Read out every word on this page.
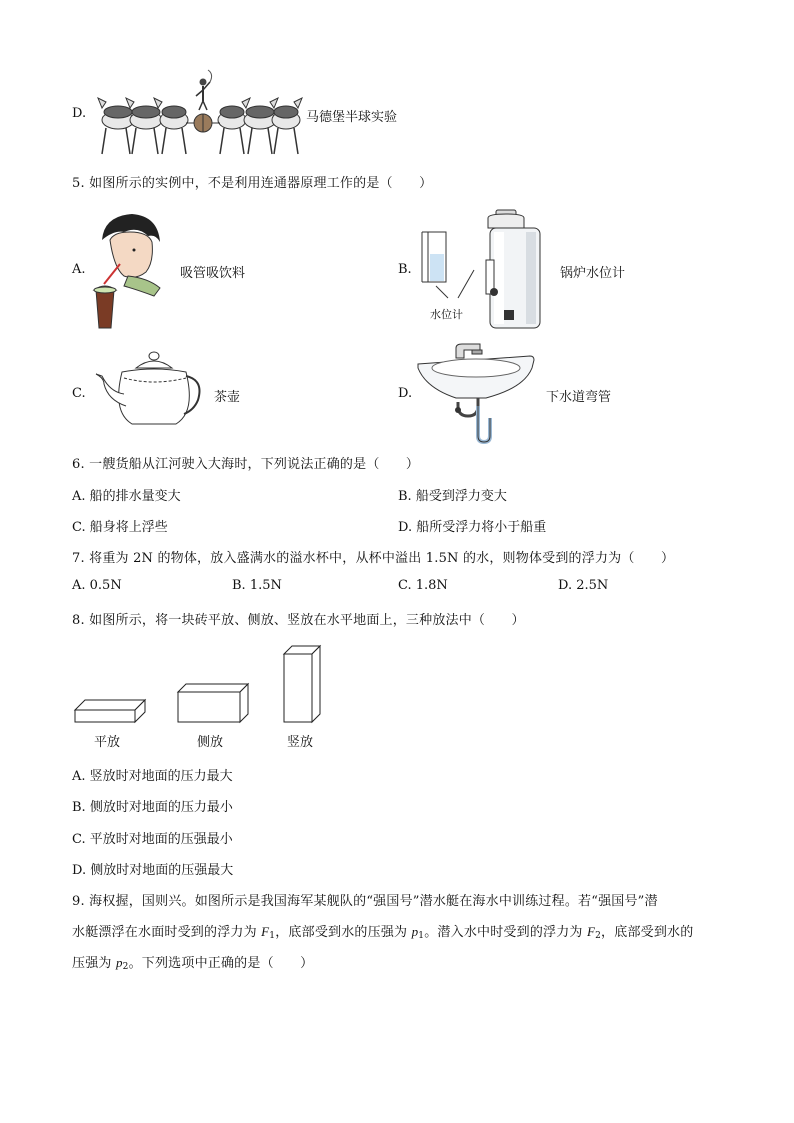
D.	马德堡半球实验
5. 如图所示的实例中，不是利用连通器原理工作的是（　　）
A.	吸管吸饮料	B.
水位计
锅炉水位计
C.	茶壶	D.	下水道弯管
6. 一艘货船从江河驶入大海时，下列说法正确的是（　　）
A. 船的排水量变大	B. 船受到浮力变大
C. 船身将上浮些	D. 船所受浮力将小于船重
7. 将重为 2N 的物体，放入盛满水的溢水杯中，从杯中溢出 1.5N 的水，则物体受到的浮力为（　　）
A. 0.5N	B. 1.5N	C. 1.8N	D. 2.5N
8. 如图所示，将一块砖平放、侧放、竖放在水平地面上，三种放法中（　　）
平放	侧放	竖放
A. 竖放时对地面的压力最大
B. 侧放时对地面的压力最小
C. 平放时对地面的压强最小
D. 侧放时对地面的压强最大
9. 海权握，国则兴。如图所示是我国海军某舰队的“强国号”潜水艇在海水中训练过程。若“强国号”潜
水艇漂浮在水面时受到的浮力为 $F_1$，底部受到水的压强为 $p_1$。潜入水中时受到的浮力为 $F_2$，底部受到水的
压强为 $p_2$。下列选项中正确的是（　　）
